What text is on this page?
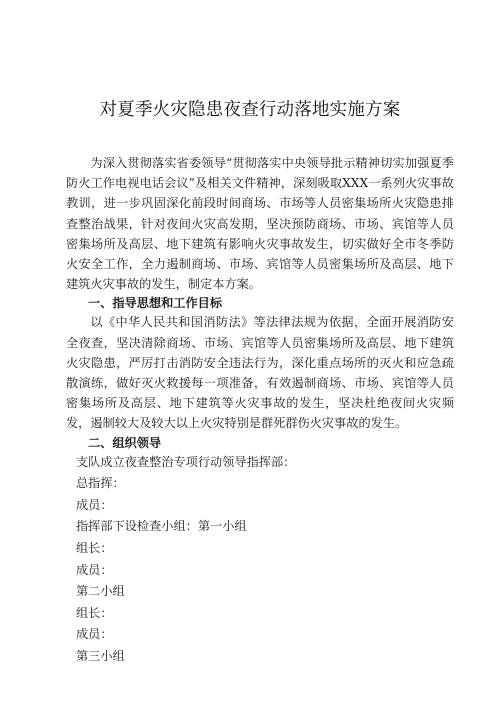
对夏季火灾隐患夜查行动落地实施方案

为深入贯彻落实省委领导“贯彻落实中央领导批示精神切实加强夏季防火工作电视电话会议”及相关文件精神，深刻吸取XXX一系列火灾事故教训，进一步巩固深化前段时间商场、市场等人员密集场所火灾隐患排查整治战果，针对夜间火灾高发期，坚决预防商场、市场、宾馆等人员密集场所及高层、地下建筑有影响火灾事故发生，切实做好全市冬季防火安全工作，全力遏制商场、市场、宾馆等人员密集场所及高层、地下建筑火灾事故的发生，制定本方案。

一、指导思想和工作目标

以《中华人民共和国消防法》等法律法规为依据，全面开展消防安全夜查，坚决清除商场、市场、宾馆等人员密集场所及高层、地下建筑火灾隐患，严厉打击消防安全违法行为，深化重点场所的灭火和应急疏散演练，做好灭火救援每一项准备，有效遏制商场、市场、宾馆等人员密集场所及高层、地下建筑等火灾事故的发生，坚决杜绝夜间火灾频发，遏制较大及较大以上火灾特别是群死群伤火灾事故的发生。

二、组织领导

支队成立夜查整治专项行动领导指挥部：

总指挥：

成员：

指挥部下设检查小组：第一小组

组长：

成员：

第二小组

组长：

成员：

第三小组
